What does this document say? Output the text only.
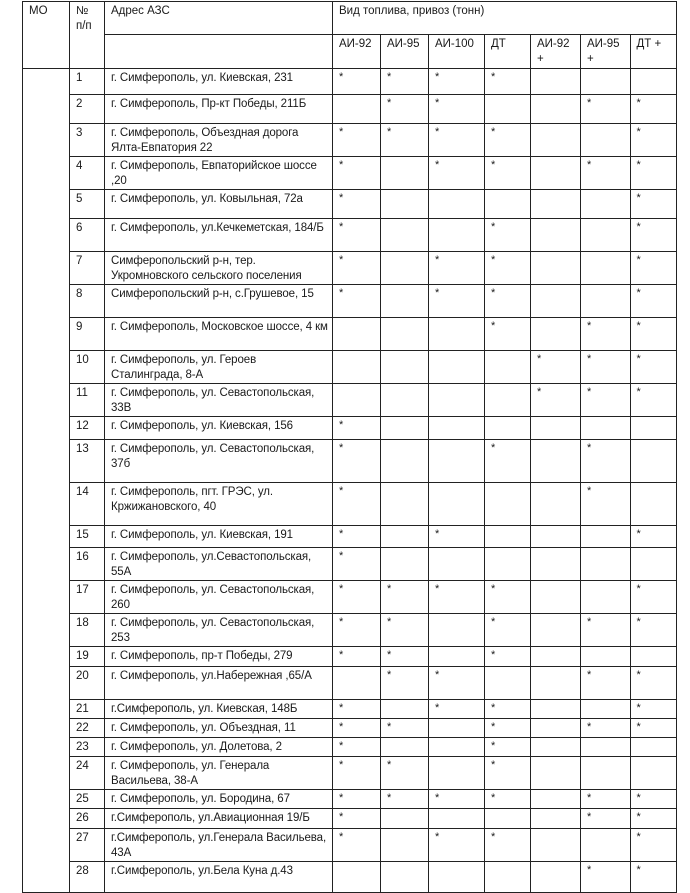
МО	№ п/п	Адрес АЗС	Вид топлива, привоз (тонн)						
			АИ-92	АИ-95	АИ-100	ДТ	АИ-92 +	АИ-95 +	ДТ +
	1	г. Симферополь, ул. Киевская, 231	*	*	*	*			
	2	г. Симферополь, Пр-кт Победы, 211Б		*	*			*	*
	3	г. Симферополь, Объездная дорога Ялта-Евпатория 22	*	*	*	*			*
	4	г. Симферополь, Евпаторийское шоссе ,20	*		*	*		*	*
	5	г. Симферополь, ул. Ковыльная, 72а	*						*
	6	г. Симферополь, ул.Кечкеметская, 184/Б	*			*			*
	7	Симферопольский р-н, тер. Укромновского сельского поселения	*		*	*			*
	8	Симферопольский р-н, с.Грушевое, 15	*		*	*			*
	9	г. Симферополь, Московское шоссе, 4 км				*		*	*
	10	г. Симферополь, ул. Героев Сталинграда, 8-А					*	*	*
	11	г. Симферополь, ул. Севастопольская, 33В					*	*	*
	12	г. Симферополь, ул. Киевская, 156	*						
	13	г. Симферополь, ул. Севастопольская, 37б	*			*		*	
	14	г. Симферополь, пгт. ГРЭС, ул. Кржижановского, 40	*					*	
	15	г. Симферополь, ул. Киевская, 191	*		*				*
	16	г. Симферополь, ул.Севастопольская, 55А	*						
	17	г. Симферополь, ул. Севастопольская, 260	*	*	*	*			*
	18	г. Симферополь, ул. Севастопольская, 253	*	*		*		*	*
	19	г. Симферополь, пр-т Победы, 279	*	*		*			
	20	г. Симферополь, ул.Набережная ,65/А		*	*			*	*
	21	г.Симферополь, ул. Киевская, 148Б	*		*	*			*
	22	г. Симферополь, ул. Объездная, 11	*	*		*		*	*
	23	г. Симферополь, ул. Долетова, 2	*			*			
	24	г. Симферополь, ул. Генерала Васильева, 38-А	*	*		*			
	25	г. Симферополь, ул. Бородина, 67	*	*	*	*		*	*
	26	г.Симферополь, ул.Авиационная 19/Б	*					*	*
	27	г.Симферополь, ул.Генерала Васильева, 43А	*		*	*			*
	28	г.Симферополь, ул.Бела Куна д.43						*	*
